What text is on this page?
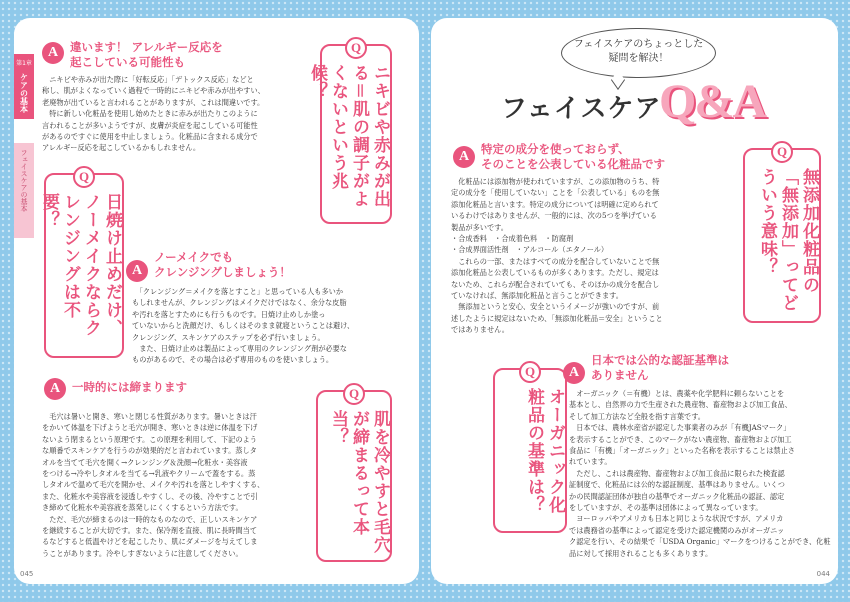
第1章
ケアの基本
フェイスケアの基本
A	違います！ アレルギー反応を
起こしている可能性も
　ニキビや赤みが出た際に「好転反応」「デトックス反応」などと
称し、肌がよくなっていく過程で一時的にニキビや赤みが出やすい、
老廃物が出ていると言われることがありますが、これは間違いです。
　特に新しい化粧品を使用し始めたときに赤みが出たりこのように
言われることが多いようですが、皮膚が炎症を起こしている可能性
があるのですぐに使用を中止しましょう。化粧品に含まれる成分で
アレルギー反応を起こしているかもしれません。
Q
ニキビや赤みが出る＝肌の調子がよくないという兆候？
Q
日焼け止めだけ、ノーメイクならクレンジングは不要？
A
ノーメイクでも
クレンジングしましょう！
　「クレンジング＝メイクを落とすこと」と思っている人も多いか
もしれませんが、クレンジングはメイクだけではなく、余分な皮脂
や汚れを落とすためにも行うものです。日焼け止めしか塗っ
ていないからと洗顔だけ、もしくはそのまま就寝ということは避け、
クレンジング、スキンケアのステップを必ず行いましょう。
　また、日焼け止めは製品によって専用のクレンジング剤が必要な
ものがあるので、その場合は必ず専用のものを使いましょう。
A	一時的には締まります
　毛穴は暑いと開き、寒いと閉じる性質があります。暑いときは汗
をかいて体温を下げようと毛穴が開き、寒いときは逆に体温を下げ
ないよう閉まるという原理です。この原理を利用して、下記のよう
な順番でスキンケアを行うのが効果的だと言われています。蒸しタ
オルを当てて毛穴を開く→クレンジング＆洗顔→化粧水・美容液
をつける→冷やしタオルを当てる→乳液やクリームで蓋をする。蒸
しタオルで温めて毛穴を開かせ、メイクや汚れを落としやすくする、
また、化粧水や美容液を浸透しやすくし、その後、冷やすことで引
き締めて化粧水や美容液を蒸発しにくくするという方法です。
　ただ、毛穴が締まるのは一時的なものなので、正しいスキンケア
を継続することが大切です。また、保冷剤を直接、肌に長時間当て
るなどすると低温やけどを起こしたり、肌にダメージを与えてしま
うことがあります。冷やしすぎないように注意してください。
Q
肌を冷やすと毛穴が締まるって本当？
045
フェイスケアのちょっとした
疑問を解決！
フェイスケア
Q&A
A	特定の成分を使っておらず、
そのことを公表している化粧品です
　化粧品には添加物が使われていますが、この添加物のうち、特
定の成分を「使用していない」ことを「公表している」ものを無
添加化粧品と言います。特定の成分については明確に定められて
いるわけではありませんが、一般的には、次の5つを挙げている
製品が多いです。
・合成香料　・合成着色料　・防腐剤
・合成界面活性剤　・アルコール（エタノール）
　これらの一部、またはすべての成分を配合していないことで無
添加化粧品と公表しているものが多くあります。ただし、規定は
ないため、これらが配合されていても、そのほかの成分を配合し
ていなければ、無添加化粧品と言うことができます。
　無添加というと安心、安全というイメージが強いのですが、前
述したように規定はないため、「無添加化粧品＝安全」ということ
ではありません。
Q
無添加化粧品の「無添加」ってどういう意味？
Q
オーガニック化粧品の基準は？
A
日本では公的な認証基準は
ありません
　オーガニック（＝有機）とは、農薬や化学肥料に頼らないことを
基本とし、自然界の力で生産された農産物、畜産物および加工食品、
そして加工方法など全般を指す言葉です。
　日本では、農林水産省が認定した事業者のみが「有機JASマーク」
を表示することができ、このマークがない農産物、畜産物および加工
食品に「有機」「オーガニック」といった名称を表示することは禁止さ
れています。
　ただし、これは農産物、畜産物および加工食品に限られた検査認
証制度で、化粧品には公的な認証制度、基準はありません。いくつ
かの民間認証団体が独自の基準でオーガニック化粧品の認証、認定
をしていますが、その基準は団体によって異なっています。
　ヨーロッパやアメリカも日本と同じような状況ですが、アメリカ
では農務省の基準によって認定を受けた認定機関のみがオーガニッ
ク認定を行い、その結果で「USDA Organic」マークをつけることができ、化粧
品に対して採用されることも多くあります。
044
